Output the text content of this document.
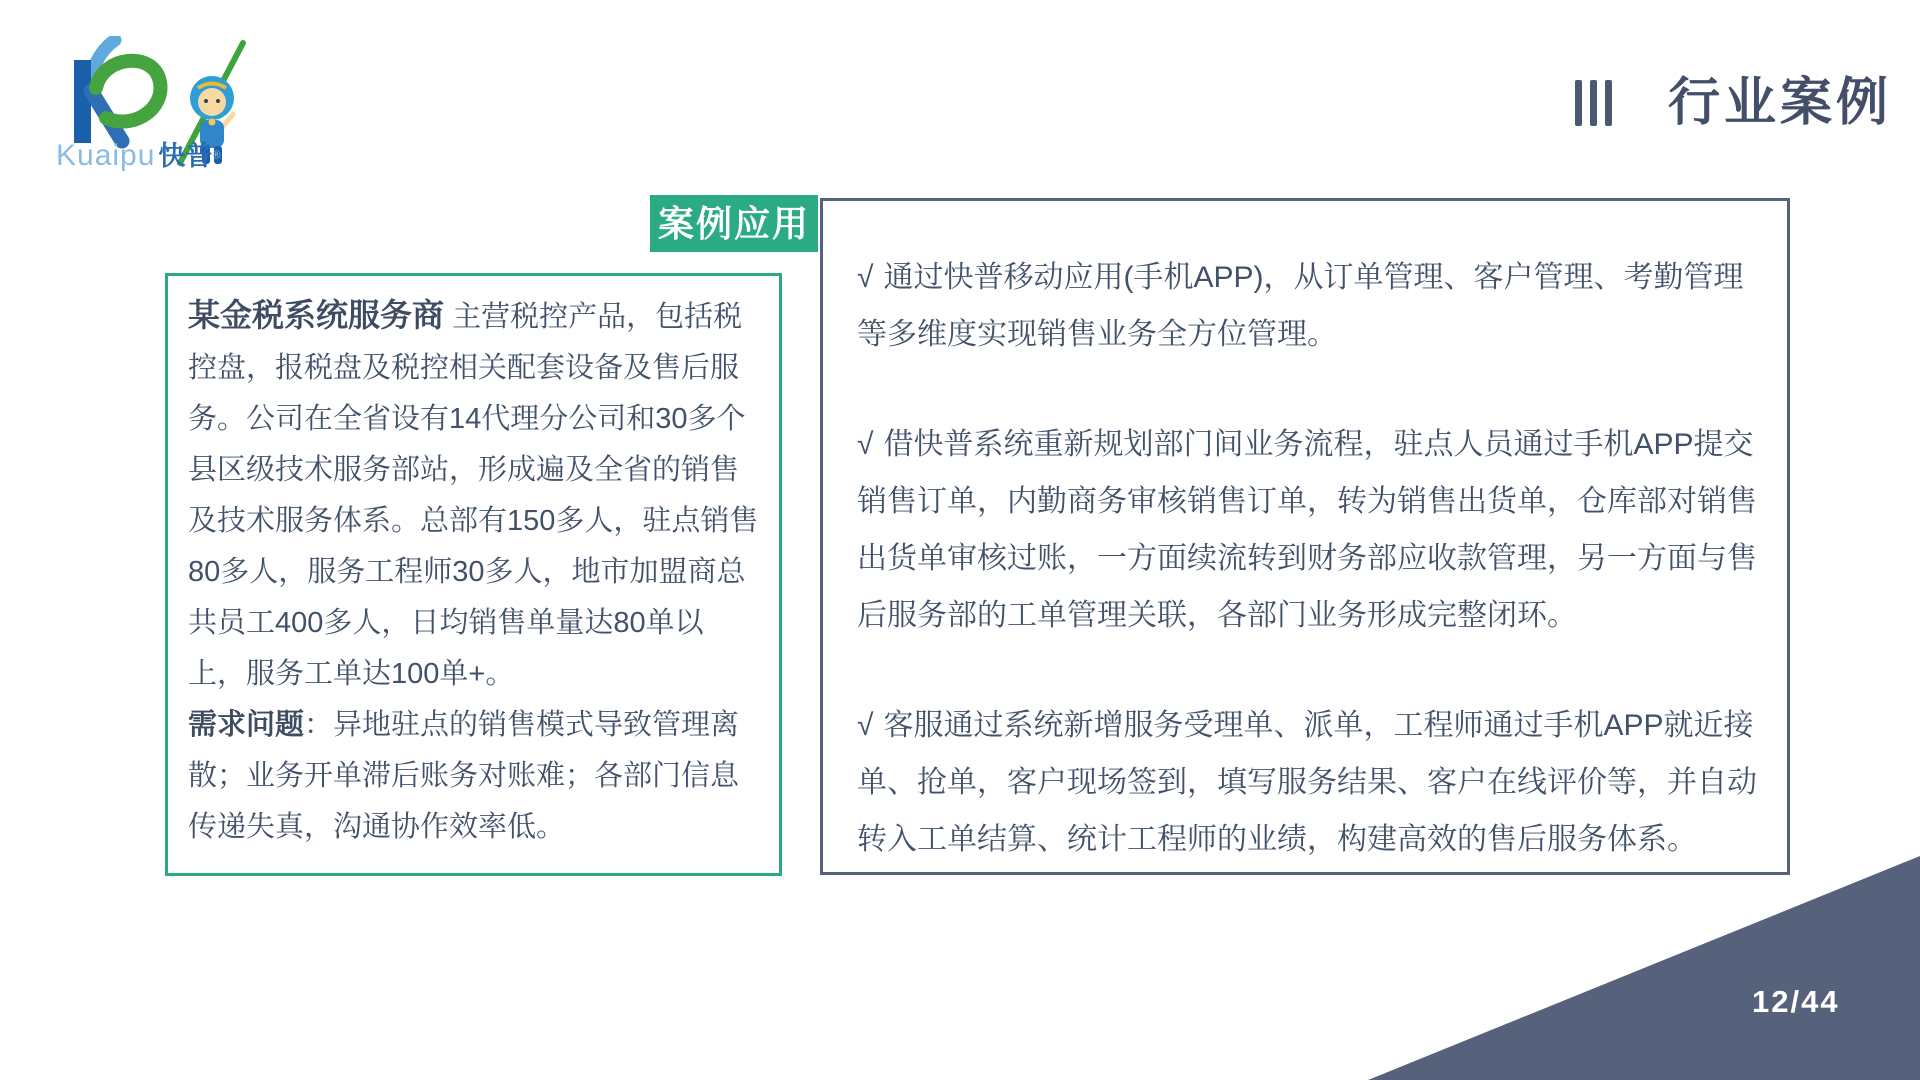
Kuaipu 快普®
行业案例
案例应用

某金税系统服务商 主营税控产品，包括税控盘，报税盘及税控相关配套设备及售后服务。公司在全省设有14代理分公司和30多个县区级技术服务部站，形成遍及全省的销售及技术服务体系。总部有150多人，驻点销售80多人，服务工程师30多人，地市加盟商总共员工400多人，日均销售单量达80单以上，服务工单达100单+。

需求问题：异地驻点的销售模式导致管理离散；业务开单滞后账务对账难；各部门信息传递失真，沟通协作效率低。

√ 通过快普移动应用(手机APP)，从订单管理、客户管理、考勤管理等多维度实现销售业务全方位管理。

√ 借快普系统重新规划部门间业务流程，驻点人员通过手机APP提交销售订单，内勤商务审核销售订单，转为销售出货单，仓库部对销售出货单审核过账，一方面续流转到财务部应收款管理，另一方面与售后服务部的工单管理关联，各部门业务形成完整闭环。

√ 客服通过系统新增服务受理单、派单，工程师通过手机APP就近接单、抢单，客户现场签到，填写服务结果、客户在线评价等，并自动转入工单结算、统计工程师的业绩，构建高效的售后服务体系。

12/44
